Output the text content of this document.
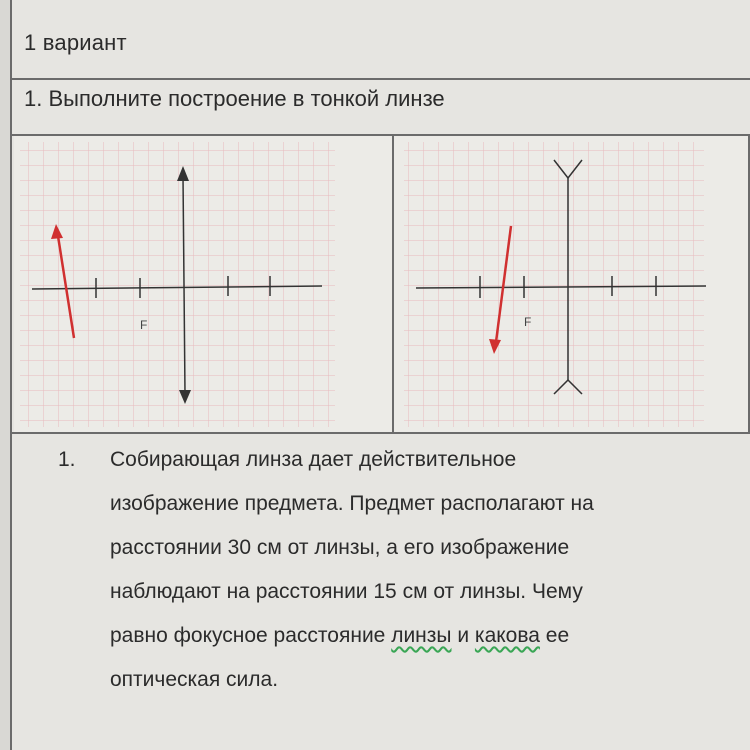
1 вариант
1. Выполните построение в тонкой линзе
F	F
1. Собирающая линза дает действительное
изображение предмета. Предмет располагают на
расстоянии 30 см от линзы, а его изображение
наблюдают на расстоянии 15 см от линзы. Чему
равно фокусное расстояние линзы и какова ее
оптическая сила.
